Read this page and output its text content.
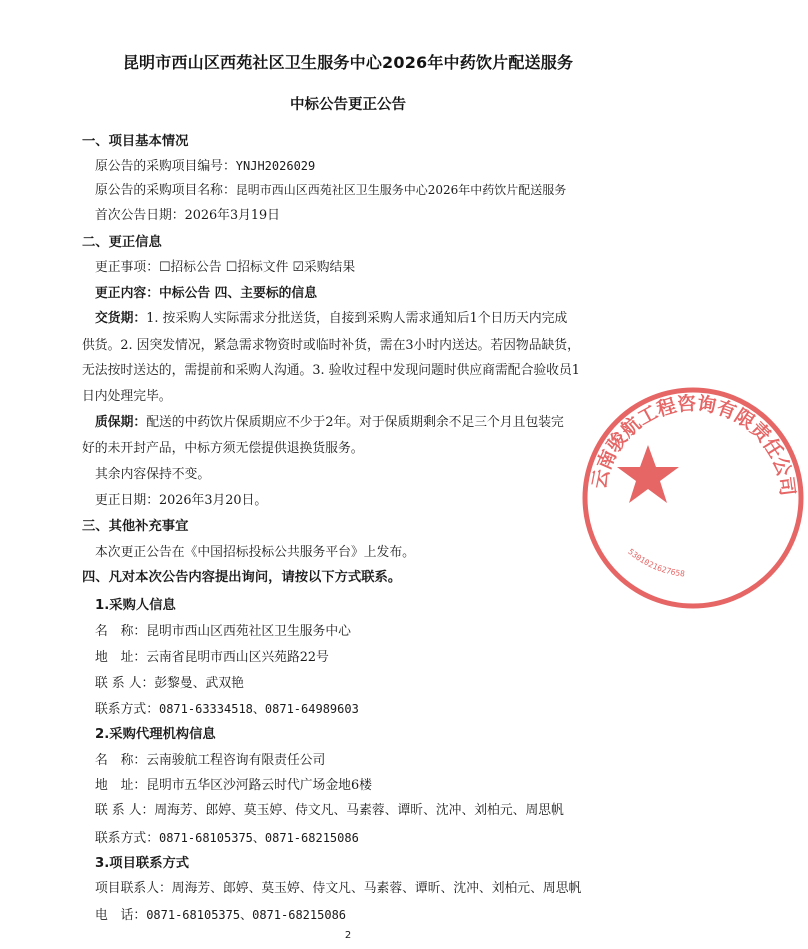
昆明市西山区西苑社区卫生服务中心2026年中药饮片配送服务
中标公告更正公告
一、项目基本情况
原公告的采购项目编号：YNJH2026029
原公告的采购项目名称：昆明市西山区西苑社区卫生服务中心2026年中药饮片配送服务
首次公告日期：2026年3月19日
二、更正信息
更正事项：☐招标公告 ☐招标文件 ☑采购结果
更正内容：中标公告 四、主要标的信息
交货期：1. 按采购人实际需求分批送货，自接到采购人需求通知后1个日历天内完成
供货。2. 因突发情况，紧急需求物资时或临时补货，需在3小时内送达。若因物品缺货，
无法按时送达的，需提前和采购人沟通。3. 验收过程中发现问题时供应商需配合验收员1
日内处理完毕。
质保期：配送的中药饮片保质期应不少于2年。对于保质期剩余不足三个月且包装完
好的未开封产品，中标方须无偿提供退换货服务。
其余内容保持不变。
更正日期：2026年3月20日。
三、其他补充事宜
本次更正公告在《中国招标投标公共服务平台》上发布。
四、凡对本次公告内容提出询问，请按以下方式联系。
1.采购人信息
名　称：昆明市西山区西苑社区卫生服务中心
地　址：云南省昆明市西山区兴苑路22号
联 系 人：彭黎曼、武双艳
联系方式：0871-63334518、0871-64989603
2.采购代理机构信息
名　称：云南骏航工程咨询有限责任公司
地　址：昆明市五华区沙河路云时代广场金地6楼
联 系 人：周海芳、郎婷、莫玉婷、侍文凡、马素蓉、谭昕、沈冲、刘柏元、周思帆
联系方式：0871-68105375、0871-68215086
3.项目联系方式
项目联系人：周海芳、郎婷、莫玉婷、侍文凡、马素蓉、谭昕、沈冲、刘柏元、周思帆
电　话：0871-68105375、0871-68215086
2
云南骏航工程咨询有限责任公司
5301021627658
